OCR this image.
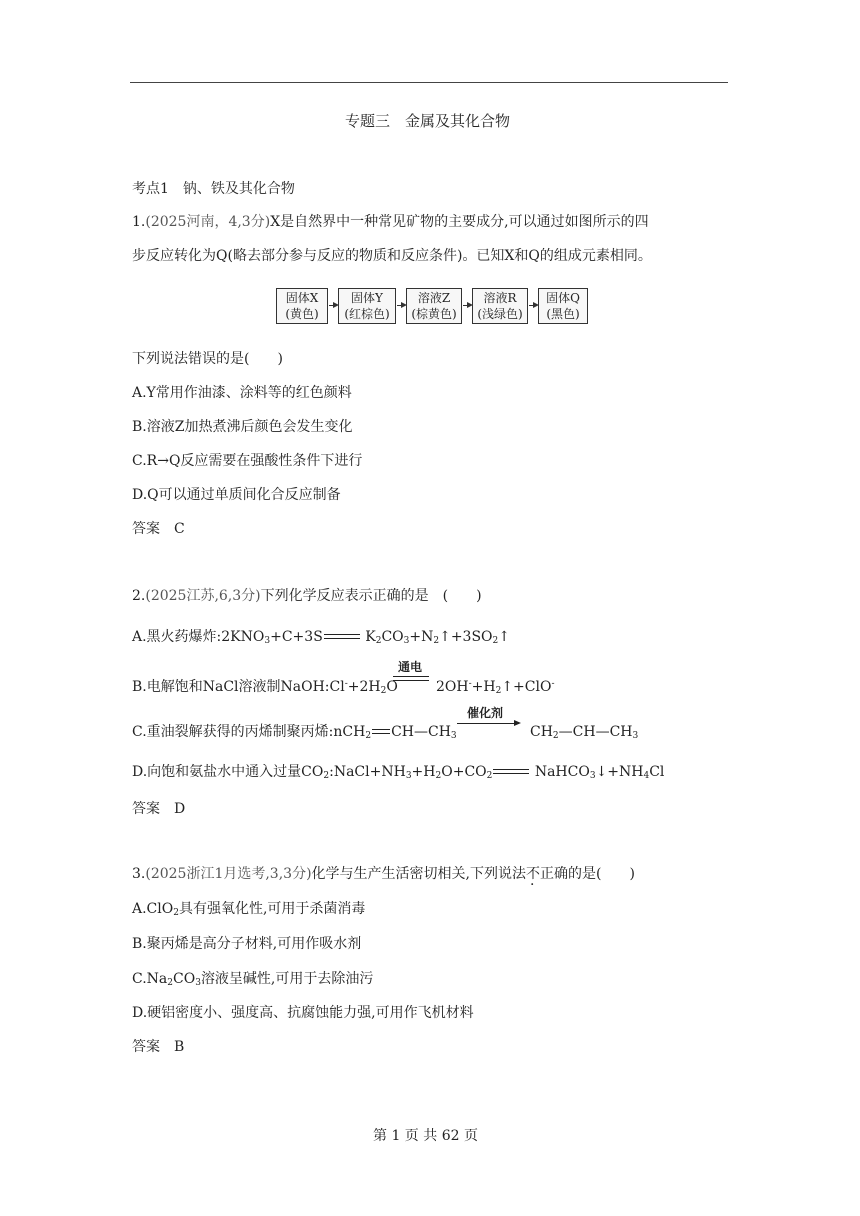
专题三　金属及其化合物
考点1　钠、铁及其化合物
1.(2025河南，4,3分)X是自然界中一种常见矿物的主要成分,可以通过如图所示的四
步反应转化为Q(略去部分参与反应的物质和反应条件)。已知X和Q的组成元素相同。
固体X
(黄色)
固体Y
(红棕色)
溶液Z
(棕黄色)
溶液R
(浅绿色)
固体Q
(黑色)
下列说法错误的是(　　)
A.Y常用作油漆、涂料等的红色颜料
B.溶液Z加热煮沸后颜色会发生变化
C.R→Q反应需要在强酸性条件下进行
D.Q可以通过单质间化合反应制备
答案　C
2.(2025江苏,6,3分)下列化学反应表示正确的是　(　　)
A.黑火药爆炸$:2KNO_3+C+3S$	$K_2CO_3+N_2↑+3SO_2↑$
B.电解饱和NaCl溶液制$NaOH:Cl^-+2H_2O$
通电
$2OH^-+H_2↑+ClO^-$
C.重油裂解获得的丙烯制聚丙烯:nCH$_2$ $CH—CH_3$
催化剂
$CH_2—CH—CH_3$
D.向饱和氨盐水中通入过量$CO_2:NaCl+NH_3+H_2O+CO_2$	$NaHCO_3↓+NH_4Cl$
答案　D
3.(2025浙江1月选考,3,3分)化学与生产生活密切相关,下列说法不正确的是(　　)
A.ClO$_2$具有强氧化性,可用于杀菌消毒
B.聚丙烯是高分子材料,可用作吸水剂
$C.Na_2CO_3$溶液呈碱性,可用于去除油污
D.硬铝密度小、强度高、抗腐蚀能力强,可用作飞机材料
答案　B
第 1 页 共 62 页
